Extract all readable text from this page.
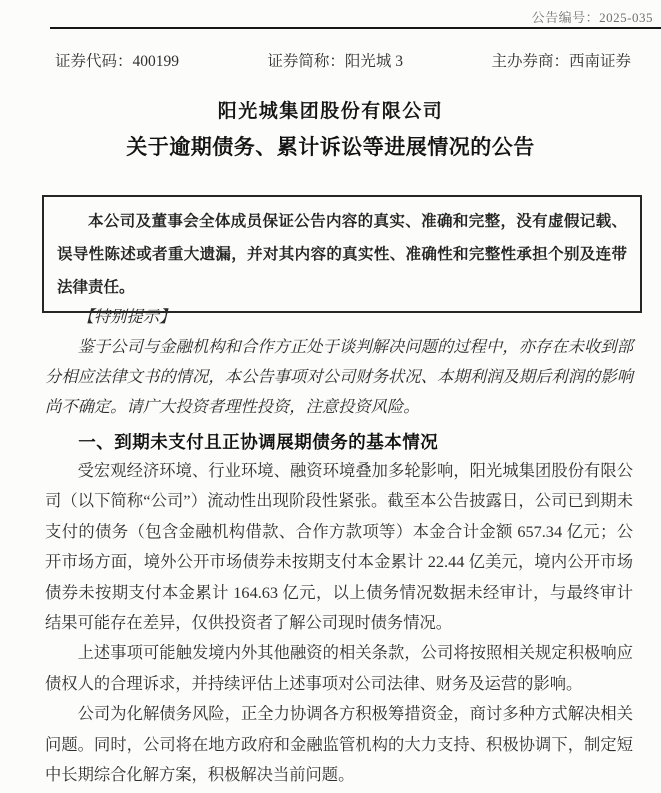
公告编号：2025-035
证券代码：400199	证券简称：阳光城 3	主办券商：西南证券
阳光城集团股份有限公司
关于逾期债务、累计诉讼等进展情况的公告

本公司及董事会全体成员保证公告内容的真实、准确和完整，没有虚假记载、误导性陈述或者重大遗漏，并对其内容的真实性、准确性和完整性承担个别及连带法律责任。

【特别提示】

鉴于公司与金融机构和合作方正处于谈判解决问题的过程中，亦存在未收到部分相应法律文书的情况，本公告事项对公司财务状况、本期利润及期后利润的影响尚不确定。请广大投资者理性投资，注意投资风险。

一、到期未支付且正协调展期债务的基本情况

受宏观经济环境、行业环境、融资环境叠加多轮影响，阳光城集团股份有限公司（以下简称“公司”）流动性出现阶段性紧张。截至本公告披露日，公司已到期未支付的债务（包含金融机构借款、合作方款项等）本金合计金额 657.34 亿元；公开市场方面，境外公开市场债券未按期支付本金累计 22.44 亿美元，境内公开市场债券未按期支付本金累计 164.63 亿元，以上债务情况数据未经审计，与最终审计结果可能存在差异，仅供投资者了解公司现时债务情况。

上述事项可能触发境内外其他融资的相关条款，公司将按照相关规定积极响应债权人的合理诉求，并持续评估上述事项对公司法律、财务及运营的影响。

公司为化解债务风险，正全力协调各方积极筹措资金，商讨多种方式解决相关问题。同时，公司将在地方政府和金融监管机构的大力支持、积极协调下，制定短中长期综合化解方案，积极解决当前问题。
